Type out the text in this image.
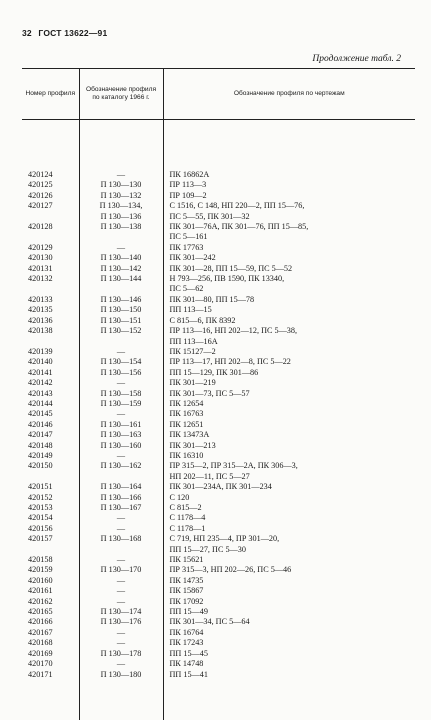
32 ГОСТ 13622—91
Продолжение табл. 2
Номер профиля	Обозначение профиля по каталогу 1966 г.	Обозначение профиля по чертежам
420124	—	ПК 16862А

420125	П 130—130	ПР 113—3

420126	П 130—132	ПР 109—2

420127	П 130—134,	С 1516, С 148, НП 220—2, ПП 15—76,

	П 130—136	ПС 5—55, ПК 301—32

420128	П 130—138	ПК 301—76А, ПК 301—76, ПП 15—85,
ПС 5—161

420129	—	ПК 17763

420130	П 130—140	ПК 301—242

420131	П 130—142	ПК 301—28, ПП 15—59, ПС 5—52

420132	П 130—144	Н 793—256, ПВ 1590, ПК 13340,
ПС 5—62

420133	П 130—146	ПК 301—80, ПП 15—78

420135	П 130—150	ПП 113—15

420136	П 130—151	С 815—6, ПК 8392

420138	П 130—152	ПР 113—16, НП 202—12, ПС 5—38,
ПП 113—16А

420139	—	ПК 15127—2

420140	П 130—154	ПР 113—17, НП 202—8, ПС 5—22

420141	П 130—156	ПП 15—129, ПК 301—86

420142	—	ПК 301—219

420143	П 130—158	ПК 301—73, ПС 5—57

420144	П 130—159	ПК 12654

420145	—	ПК 16763

420146	П 130—161	ПК 12651

420147	П 130—163	ПК 13473А

420148	П 130—160	ПК 301—213

420149	—	ПК 16310

420150	П 130—162	ПР 315—2, ПР 315—2А, ПК 306—3,
НП 202—11, ПС 5—27

420151	П 130—164	ПК 301—234А, ПК 301—234

420152	П 130—166	С 120

420153	П 130—167	С 815—2

420154	—	С 1178—4

420156	—	С 1178—1

420157	П 130—168	С 719, НП 235—4, ПР 301—20,
ПП 15—27, ПС 5—30

420158	—	ПК 15621

420159	П 130—170	ПР 315—3, НП 202—26, ПС 5—46

420160	—	ПК 14735

420161	—	ПК 15867

420162	—	ПК 17092

420165	П 130—174	ПП 15—49

420166	П 130—176	ПК 301—34, ПС 5—64

420167	—	ПК 16764

420168	—	ПК 17243

420169	П 130—178	ПП 15—45

420170	—	ПК 14748

420171	П 130—180	ПП 15—41
